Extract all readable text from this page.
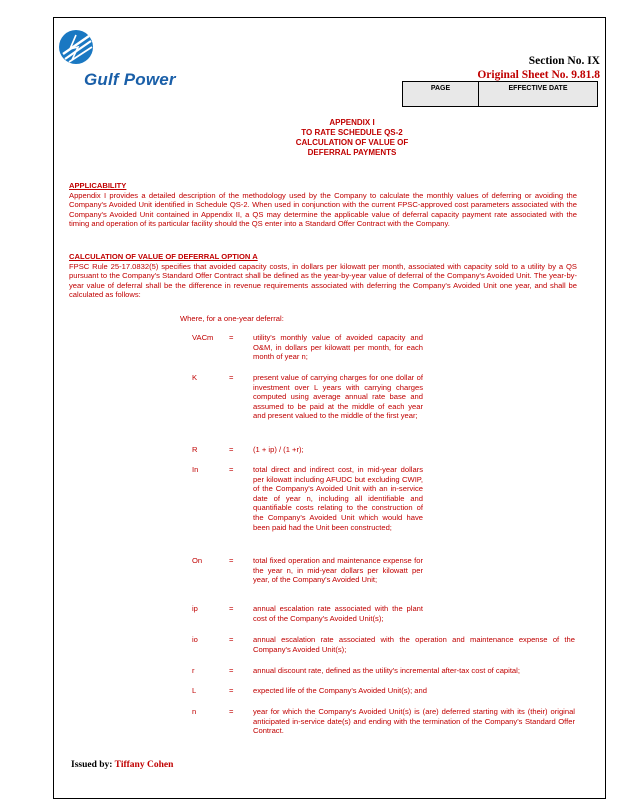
Gulf Power
Section No. IX
Original Sheet No. 9.81.8
PAGE	EFFECTIVE DATE
APPENDIX I
TO RATE SCHEDULE QS-2
CALCULATION OF VALUE OF
DEFERRAL PAYMENTS
APPLICABILITY
Appendix I provides a detailed description of the methodology used by the Company to calculate the monthly values of deferring or avoiding the Company's Avoided Unit identified in Schedule QS-2. When used in conjunction with the current FPSC-approved cost parameters associated with the Company's Avoided Unit contained in Appendix II, a QS may determine the applicable value of deferral capacity payment rate associated with the timing and operation of its particular facility should the QS enter into a Standard Offer Contract with the Company.
CALCULATION OF VALUE OF DEFERRAL OPTION A
FPSC Rule 25-17.0832(5) specifies that avoided capacity costs, in dollars per kilowatt per month, associated with capacity sold to a utility by a QS pursuant to the Company's Standard Offer Contract shall be defined as the year-by-year value of deferral of the Company's Avoided Unit. The year-by- year value of deferral shall be the difference in revenue requirements associated with deferring the Company's Avoided Unit one year, and shall be calculated as follows:
Where, for a one-year deferral:
VACm =	utility's monthly value of avoided capacity and O&M, in dollars per kilowatt per month, for each month of year n;
K	=	present value of carrying charges for one dollar of investment over L years with carrying charges computed using average annual rate base and assumed to be paid at the middle of each year and present valued to the middle of the first year;
R	=	(1 + ip) / (1 +r);
In	=	total direct and indirect cost, in mid-year dollars per kilowatt including AFUDC but excluding CWIP, of the Company's Avoided Unit with an in-service date of year n, including all identifiable and quantifiable costs relating to the construction of the Company's Avoided Unit which would have been paid had the Unit been constructed;
On	=	total fixed operation and maintenance expense for the year n, in mid-year dollars per kilowatt per year, of the Company's Avoided Unit;
ip	=	annual escalation rate associated with the plant cost of the Company's Avoided Unit(s);
io	=	annual escalation rate associated with the operation and maintenance expense of the Company's Avoided Unit(s);
r	=	annual discount rate, defined as the utility's incremental after-tax cost of capital;
L	=	expected life of the Company's Avoided Unit(s); and
n	=	year for which the Company's Avoided Unit(s) is (are) deferred starting with its (their) original anticipated in-service date(s) and ending with the termination of the Company's Standard Offer Contract.
Issued by: Tiffany Cohen
